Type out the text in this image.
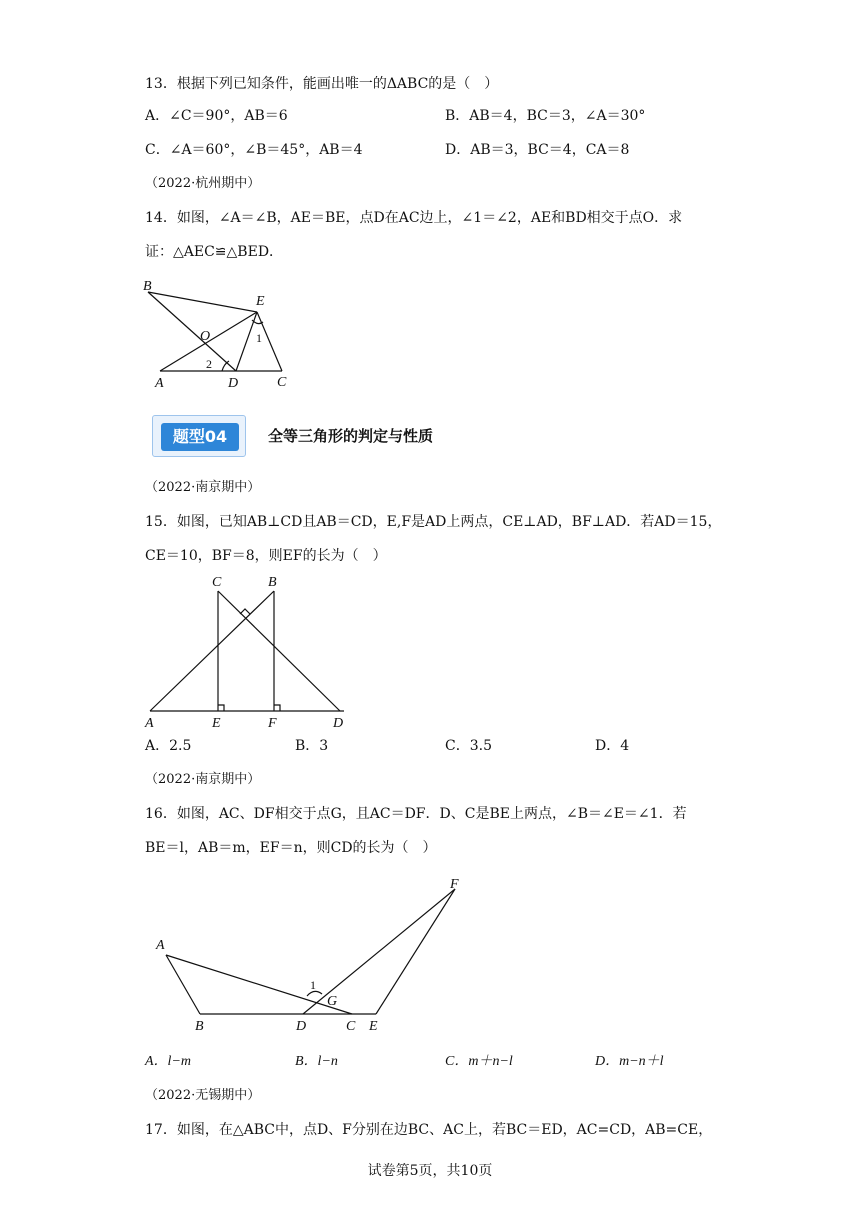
13．根据下列已知条件，能画出唯一的ΔABC的是（　）
A．∠C＝90°，AB＝6	B．AB＝4，BC＝3，∠A＝30°
C．∠A＝60°，∠B＝45°，AB＝4	D．AB＝3，BC＝4，CA＝8
（2022·杭州期中）
14．如图，∠A＝∠B，AE＝BE，点D在AC边上，∠1＝∠2，AE和BD相交于点O．求
证：△AEC≌△BED．
B
E
O	1
2
A	D	C
题型04	全等三角形的判定与性质
（2022·南京期中）
15．如图，已知AB⊥CD且AB＝CD，E,F是AD上两点，CE⊥AD，BF⊥AD．若AD＝15，
CE＝10，BF＝8，则EF的长为（　）
C	B
A	E	F	D
A．2.5	B．3	C．3.5	D．4
（2022·南京期中）
16．如图，AC、DF相交于点G，且AC＝DF．D、C是BE上两点，∠B＝∠E＝∠1．若
BE＝l，AB＝m，EF＝n，则CD的长为（　）
F
A
1
G
B	D	C E
A．l−m	B．l−n	C．m＋n−l	D．m−n＋l
（2022·无锡期中）
17．如图，在△ABC中，点D、F分别在边BC、AC上，若BC＝ED，AC=CD，AB=CE，
试卷第5页，共10页
